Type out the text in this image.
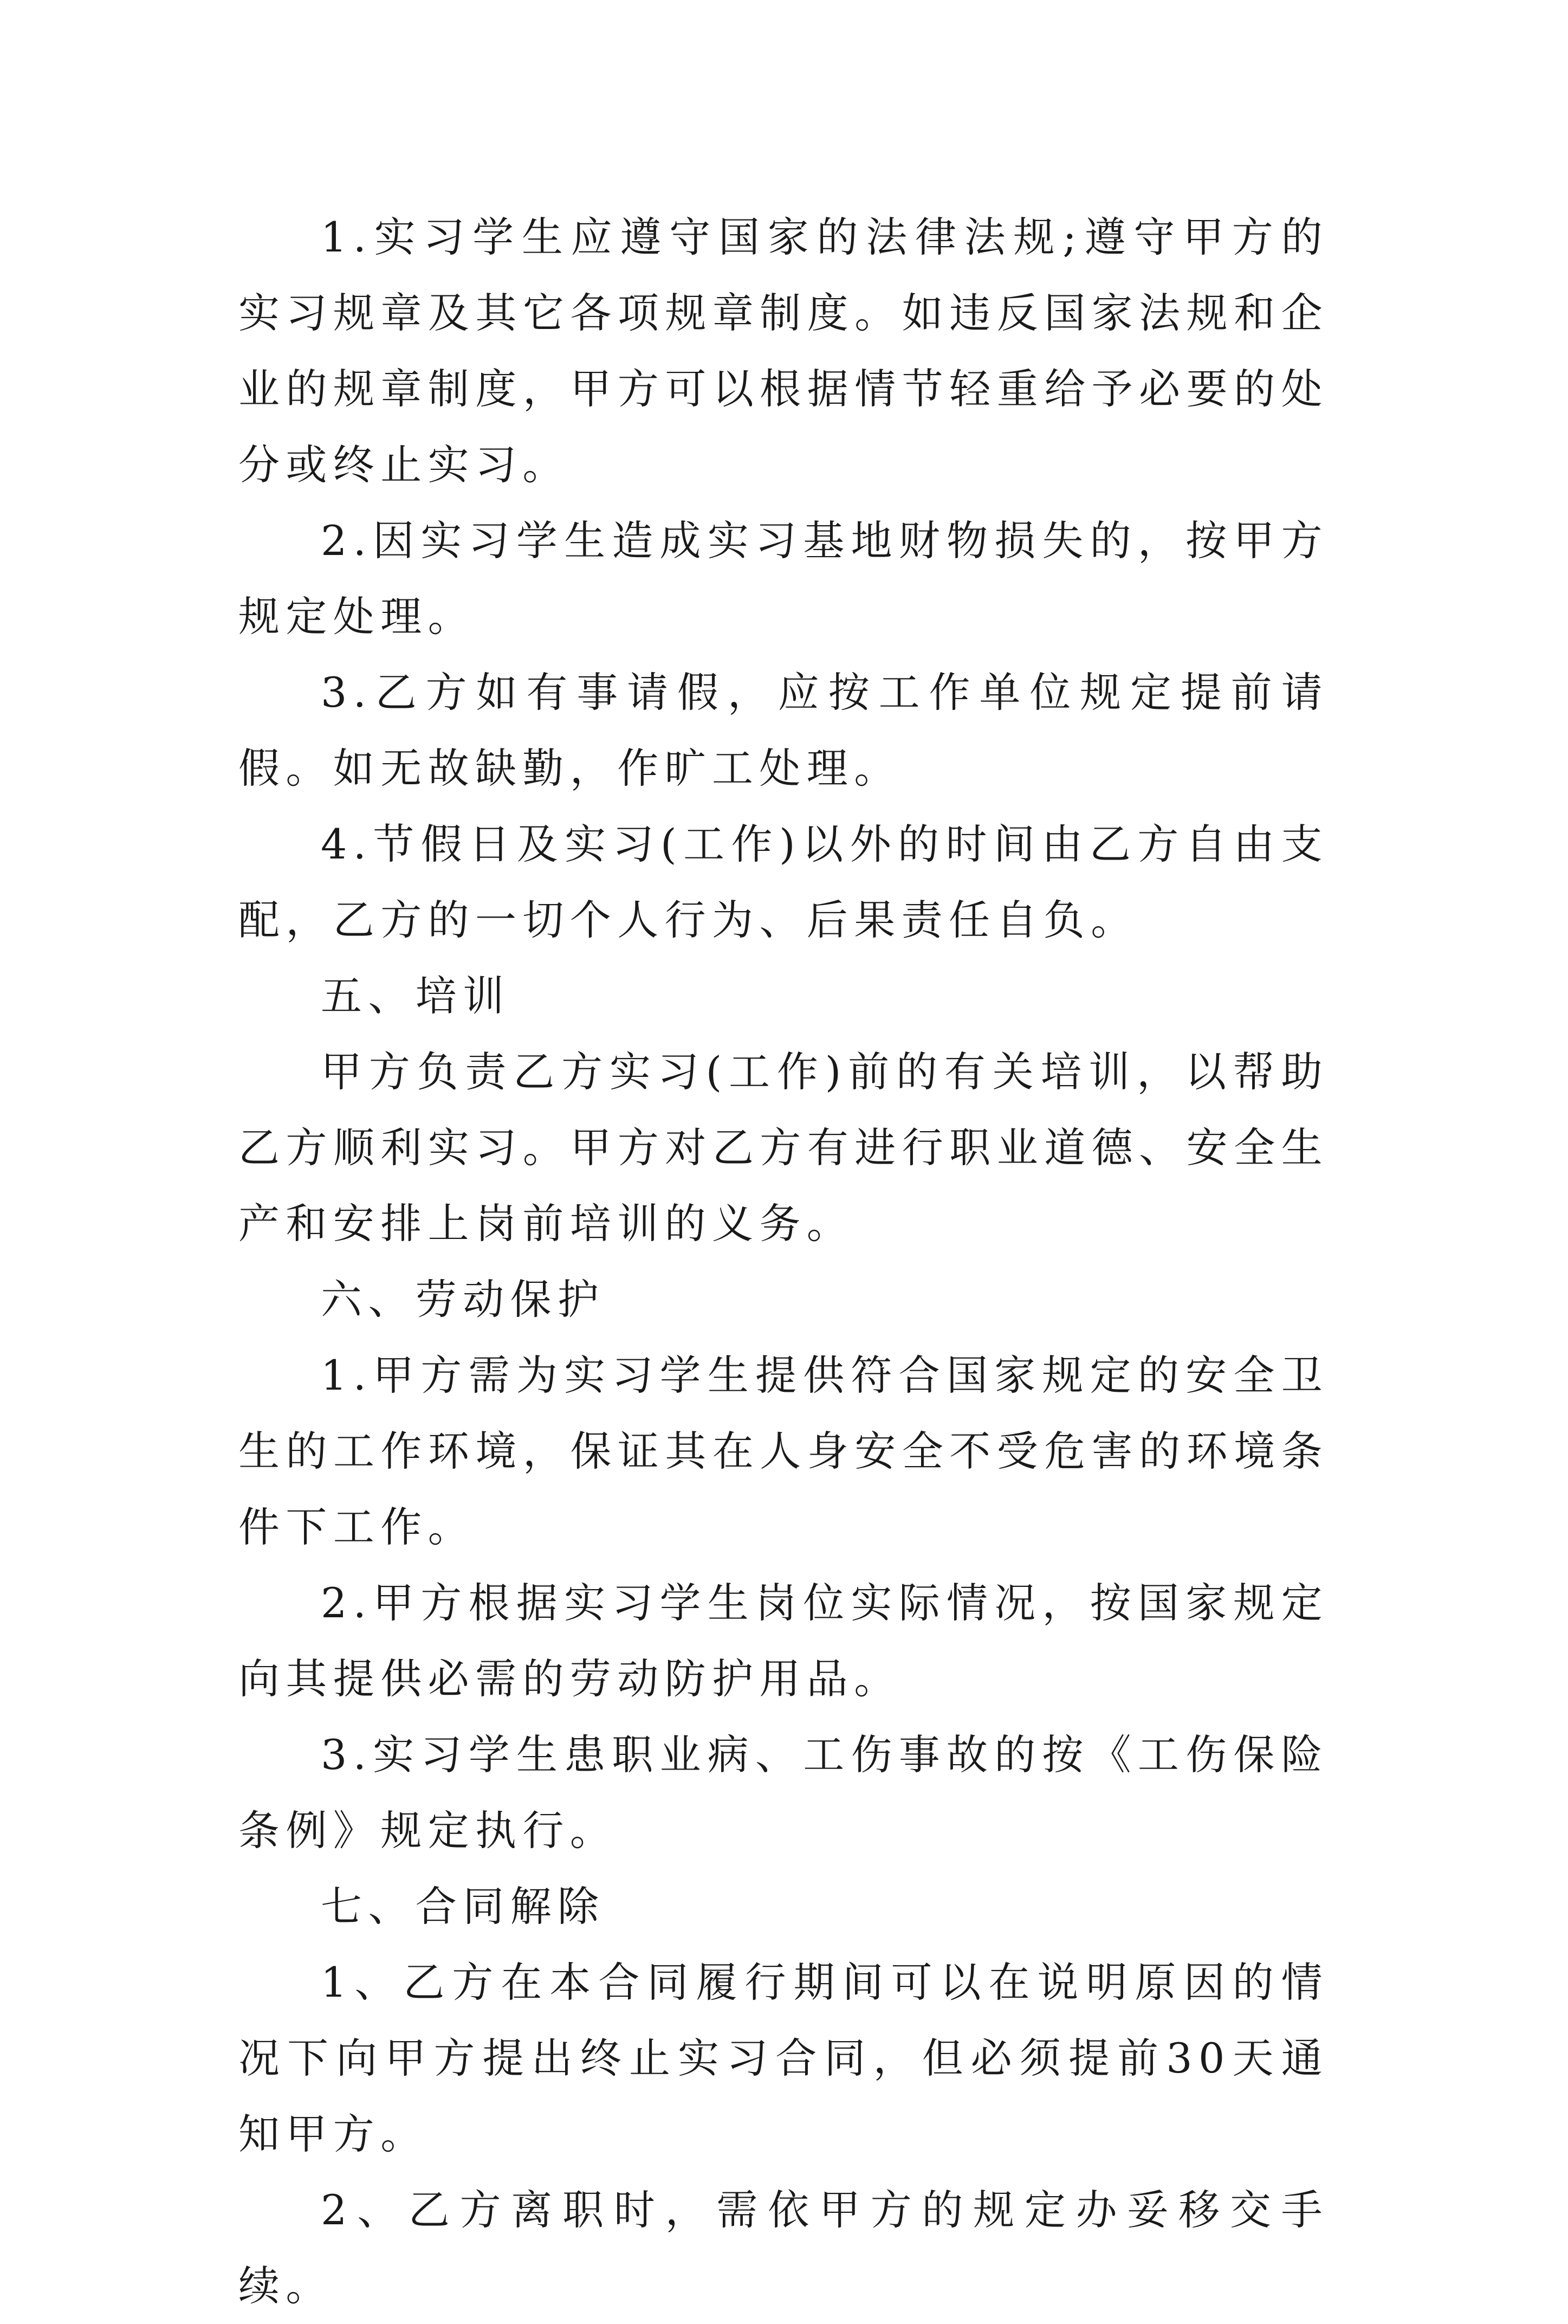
1.实习学生应遵守国家的法律法规;遵守甲方的实习规章及其它各项规章制度。如违反国家法规和企业的规章制度，甲方可以根据情节轻重给予必要的处分或终止实习。

2.因实习学生造成实习基地财物损失的，按甲方规定处理。

3.乙方如有事请假，应按工作单位规定提前请假。如无故缺勤，作旷工处理。

4.节假日及实习(工作)以外的时间由乙方自由支配，乙方的一切个人行为、后果责任自负。

五、培训

甲方负责乙方实习(工作)前的有关培训，以帮助乙方顺利实习。甲方对乙方有进行职业道德、安全生产和安排上岗前培训的义务。

六、劳动保护

1.甲方需为实习学生提供符合国家规定的安全卫生的工作环境，保证其在人身安全不受危害的环境条件下工作。

2.甲方根据实习学生岗位实际情况，按国家规定向其提供必需的劳动防护用品。

3.实习学生患职业病、工伤事故的按《工伤保险条例》规定执行。

七、合同解除

1、乙方在本合同履行期间可以在说明原因的情况下向甲方提出终止实习合同，但必须提前30天通知甲方。

2、乙方离职时，需依甲方的规定办妥移交手续。
